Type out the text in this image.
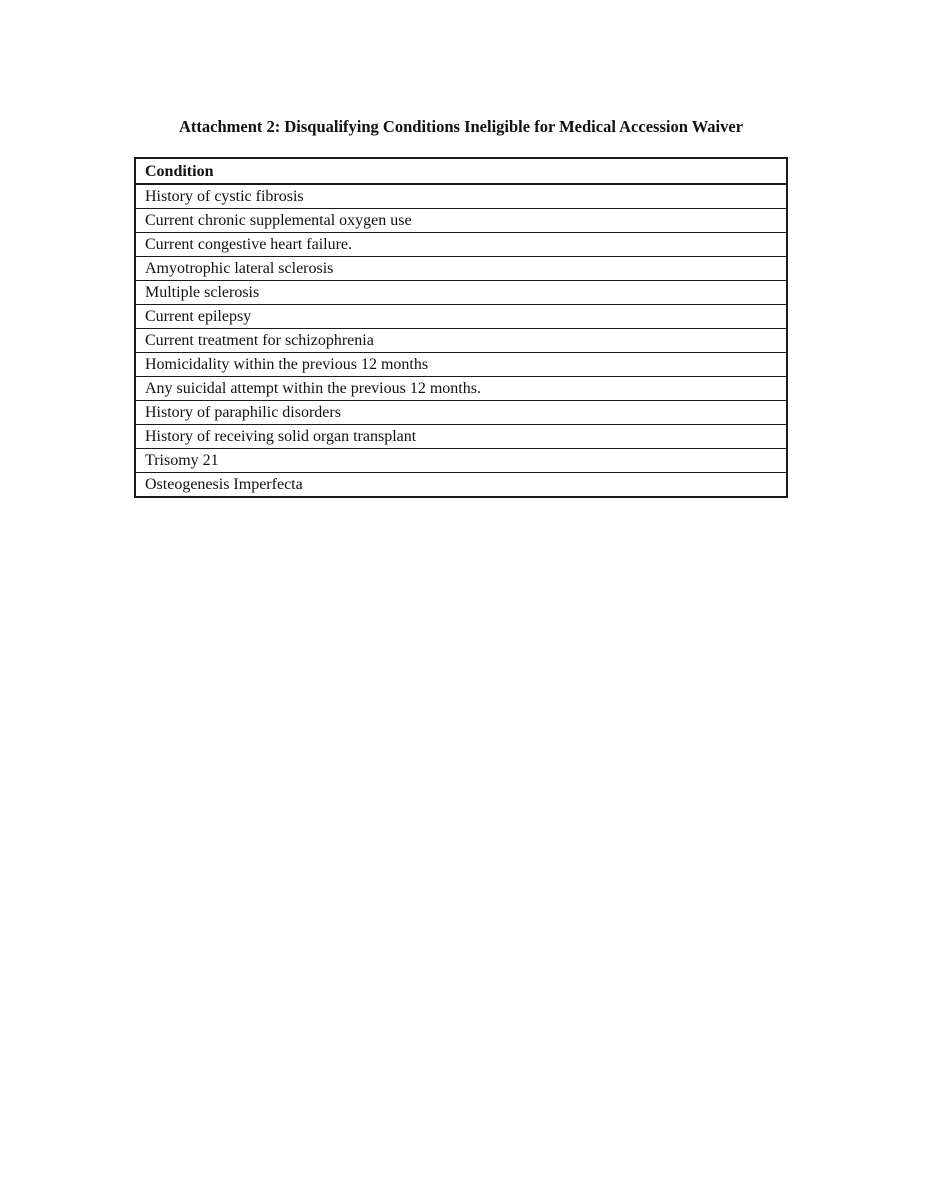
Attachment 2: Disqualifying Conditions Ineligible for Medical Accession Waiver
Condition
History of cystic fibrosis
Current chronic supplemental oxygen use
Current congestive heart failure.
Amyotrophic lateral sclerosis
Multiple sclerosis
Current epilepsy
Current treatment for schizophrenia
Homicidality within the previous 12 months
Any suicidal attempt within the previous 12 months.
History of paraphilic disorders
History of receiving solid organ transplant
Trisomy 21
Osteogenesis Imperfecta
